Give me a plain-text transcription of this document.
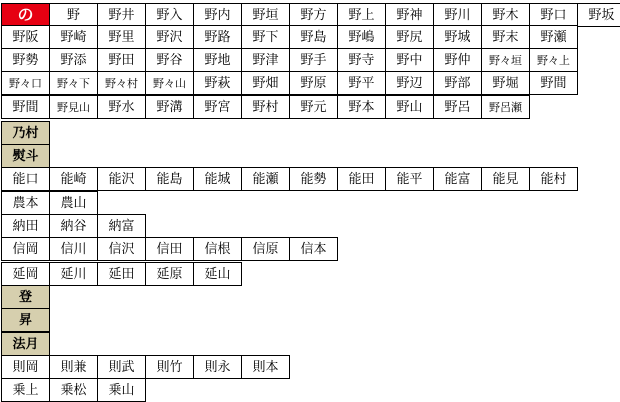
の	野	野井	野入	野内	野垣	野方	野上	野神	野川	野木	野口	野坂
野阪	野崎	野里	野沢	野路	野下	野島	野嶋	野尻	野城	野末	野瀬
野勢	野添	野田	野谷	野地	野津	野手	野寺	野中	野仲	野々垣	野々上
野々口	野々下	野々村	野々山	野萩	野畑	野原	野平	野辺	野部	野堀	野間
野間	野見山	野水	野溝	野宮	野村	野元	野本	野山	野呂	野呂瀬
乃村
熨斗
能口	能崎	能沢	能島	能城	能瀬	能勢	能田	能平	能富	能見	能村
農本	農山
納田	納谷	納富
信岡	信川	信沢	信田	信根	信原	信本
延岡	延川	延田	延原	延山
登
昇
法月
則岡	則兼	則武	則竹	則永	則本
乗上	乗松	乗山
